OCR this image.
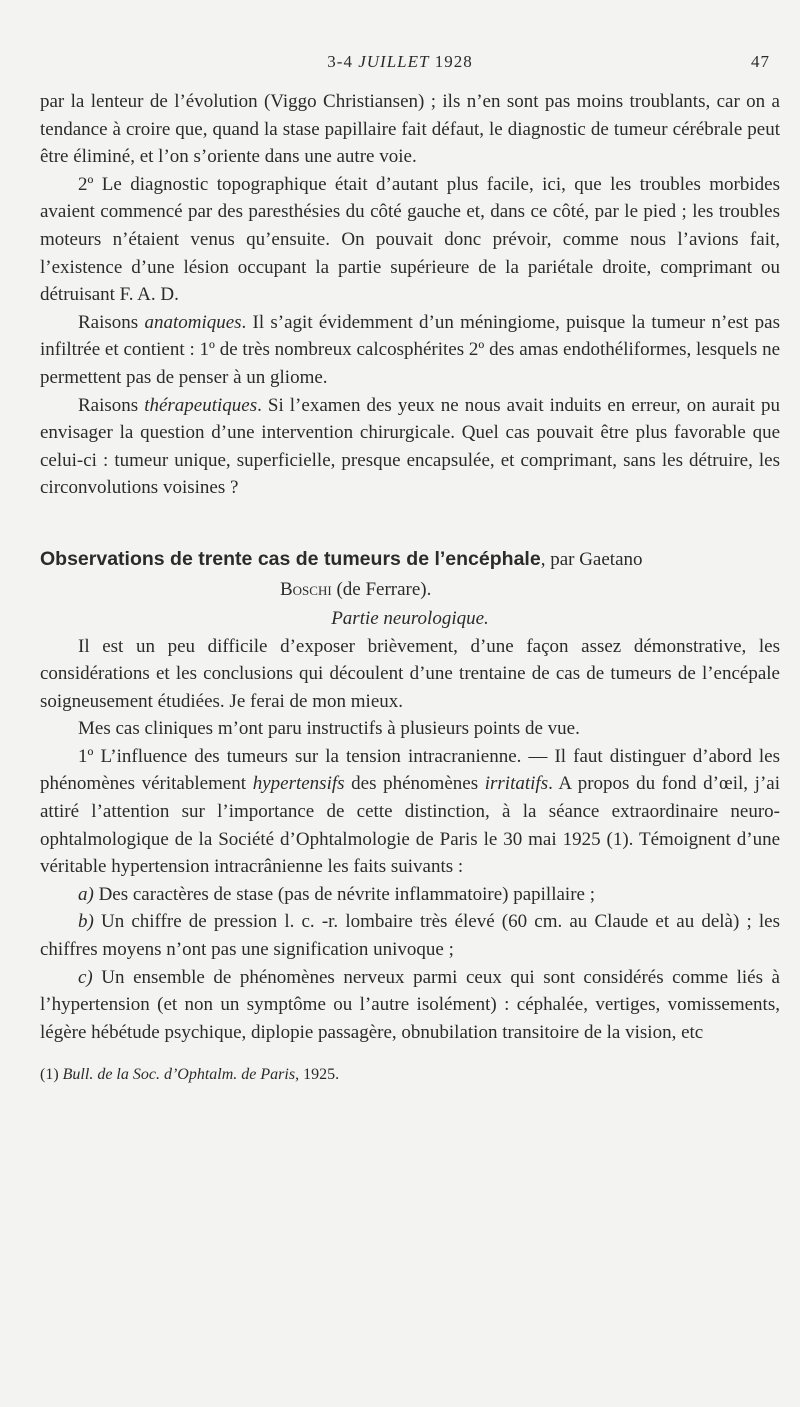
3-4 JUILLET 1928	47

par la lenteur de l’évolution (Viggo Christiansen) ; ils n’en sont pas moins troublants, car on a tendance à croire que, quand la stase papillaire fait défaut, le diagnostic de tumeur cérébrale peut être éliminé, et l’on s’oriente dans une autre voie.

2º Le diagnostic topographique était d’autant plus facile, ici, que les troubles morbides avaient commencé par des paresthésies du côté gauche et, dans ce côté, par le pied ; les troubles moteurs n’étaient venus qu’ensuite. On pouvait donc prévoir, comme nous l’avions fait, l’existence d’une lésion occupant la partie supérieure de la pariétale droite, comprimant ou détruisant F. A. D.

Raisons anatomiques. Il s’agit évidemment d’un méningiome, puisque la tumeur n’est pas infiltrée et contient : 1º de très nombreux calcosphérites 2º des amas endothéliformes, lesquels ne permettent pas de penser à un gliome.

Raisons thérapeutiques. Si l’examen des yeux ne nous avait induits en erreur, on aurait pu envisager la question d’une intervention chirurgicale. Quel cas pouvait être plus favorable que celui-ci : tumeur unique, superficielle, presque encapsulée, et comprimant, sans les détruire, les circonvolutions voisines ?

Observations de trente cas de tumeurs de l’encéphale, par Gaetano
Boschi (de Ferrare).

Partie neurologique.

Il est un peu difficile d’exposer brièvement, d’une façon assez démonstrative, les considérations et les conclusions qui découlent d’une trentaine de cas de tumeurs de l’encépale soigneusement étudiées. Je ferai de mon mieux.

Mes cas cliniques m’ont paru instructifs à plusieurs points de vue.

1º L’influence des tumeurs sur la tension intracranienne. — Il faut distinguer d’abord les phénomènes véritablement hypertensifs des phénomènes irritatifs. A propos du fond d’œil, j’ai attiré l’attention sur l’importance de cette distinction, à la séance extraordinaire neuro-ophtalmologique de la Société d’Ophtalmologie de Paris le 30 mai 1925 (1). Témoignent d’une véritable hypertension intracrânienne les faits suivants :

a) Des caractères de stase (pas de névrite inflammatoire) papillaire ;

b) Un chiffre de pression l. c. -r. lombaire très élevé (60 cm. au Claude et au delà) ; les chiffres moyens n’ont pas une signification univoque ;

c) Un ensemble de phénomènes nerveux parmi ceux qui sont considérés comme liés à l’hypertension (et non un symptôme ou l’autre isolément) : céphalée, vertiges, vomissements, légère hébétude psychique, diplopie passagère, obnubilation transitoire de la vision, etc

(1) Bull. de la Soc. d’Ophtalm. de Paris, 1925.
